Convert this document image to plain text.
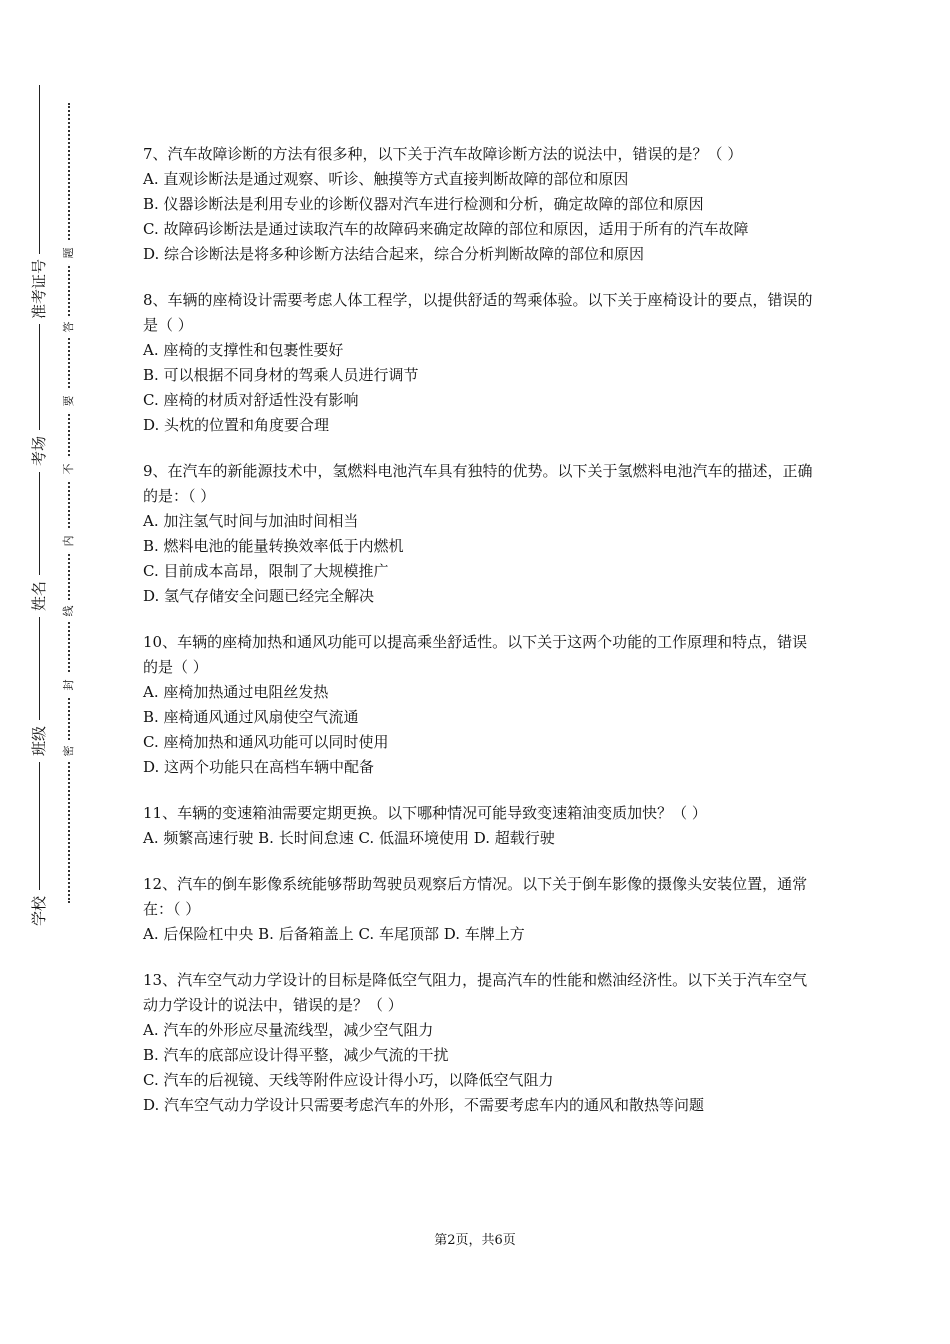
学校
班级
姓名
考场
准考证号
密
封
线
内
不
要
答
题

7、汽车故障诊断的方法有很多种，以下关于汽车故障诊断方法的说法中，错误的是？（ ）

A. 直观诊断法是通过观察、听诊、触摸等方式直接判断故障的部位和原因
B. 仪器诊断法是利用专业的诊断仪器对汽车进行检测和分析，确定故障的部位和原因
C. 故障码诊断法是通过读取汽车的故障码来确定故障的部位和原因，适用于所有的汽车故障
D. 综合诊断法是将多种诊断方法结合起来，综合分析判断故障的部位和原因

8、车辆的座椅设计需要考虑人体工程学，以提供舒适的驾乘体验。以下关于座椅设计的要点，错误的是（ ）

A. 座椅的支撑性和包裹性要好
B. 可以根据不同身材的驾乘人员进行调节
C. 座椅的材质对舒适性没有影响
D. 头枕的位置和角度要合理

9、在汽车的新能源技术中，氢燃料电池汽车具有独特的优势。以下关于氢燃料电池汽车的描述，正确的是：（ ）

A. 加注氢气时间与加油时间相当
B. 燃料电池的能量转换效率低于内燃机
C. 目前成本高昂，限制了大规模推广
D. 氢气存储安全问题已经完全解决

10、车辆的座椅加热和通风功能可以提高乘坐舒适性。以下关于这两个功能的工作原理和特点，错误的是（ ）

A. 座椅加热通过电阻丝发热
B. 座椅通风通过风扇使空气流通
C. 座椅加热和通风功能可以同时使用
D. 这两个功能只在高档车辆中配备

11、车辆的变速箱油需要定期更换。以下哪种情况可能导致变速箱油变质加快？（ ）

A. 频繁高速行驶 B. 长时间怠速 C. 低温环境使用 D. 超载行驶

12、汽车的倒车影像系统能够帮助驾驶员观察后方情况。以下关于倒车影像的摄像头安装位置，通常在：（ ）

A. 后保险杠中央 B. 后备箱盖上 C. 车尾顶部 D. 车牌上方

13、汽车空气动力学设计的目标是降低空气阻力，提高汽车的性能和燃油经济性。以下关于汽车空气动力学设计的说法中，错误的是？（ ）

A. 汽车的外形应尽量流线型，减少空气阻力
B. 汽车的底部应设计得平整，减少气流的干扰
C. 汽车的后视镜、天线等附件应设计得小巧，以降低空气阻力
D. 汽车空气动力学设计只需要考虑汽车的外形，不需要考虑车内的通风和散热等问题
第2页，共6页
